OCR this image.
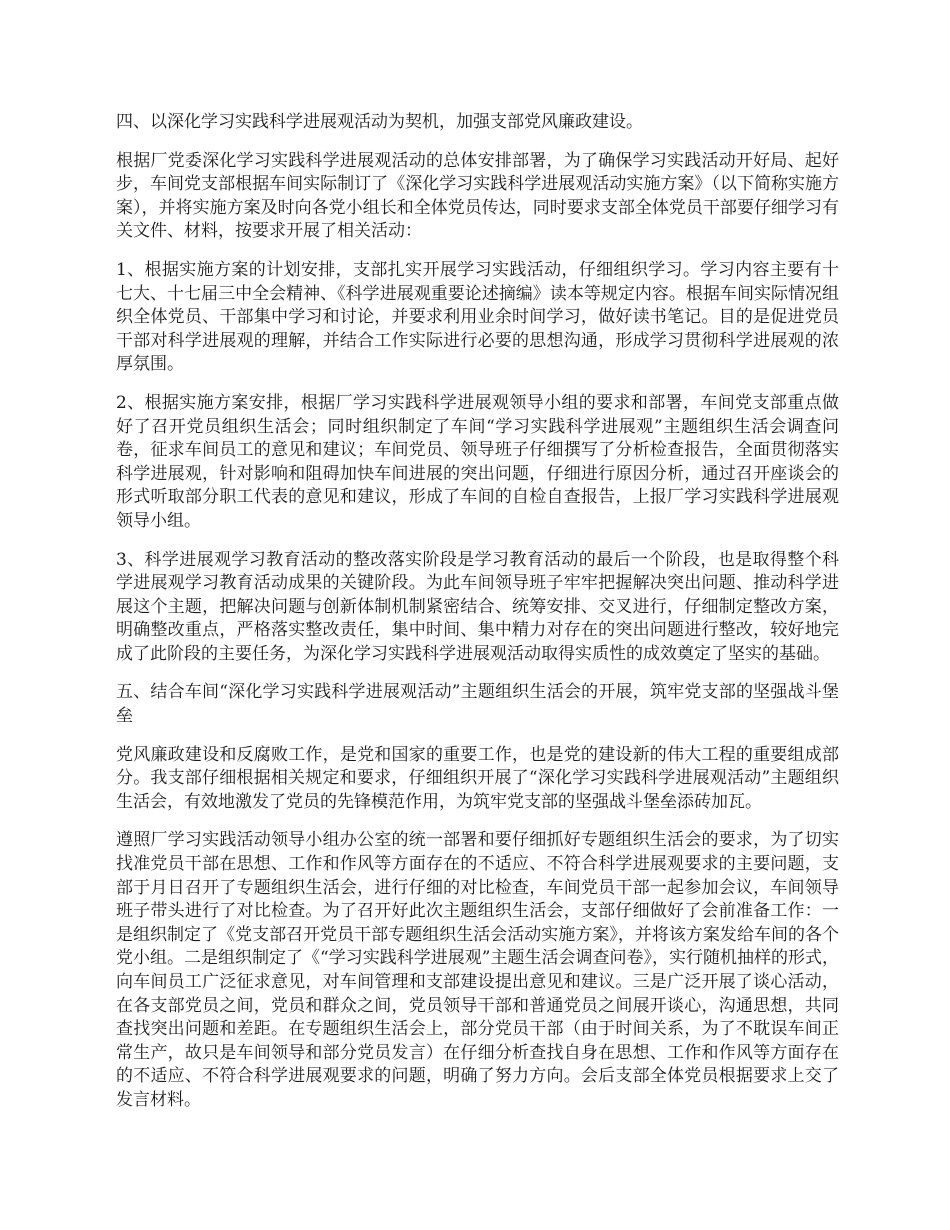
四、以深化学习实践科学进展观活动为契机，加强支部党风廉政建设。

根据厂党委深化学习实践科学进展观活动的总体安排部署，为了确保学习实践活动开好局、起好步，车间党支部根据车间实际制订了《深化学习实践科学进展观活动实施方案》（以下简称实施方案），并将实施方案及时向各党小组长和全体党员传达，同时要求支部全体党员干部要仔细学习有关文件、材料，按要求开展了相关活动：

1、根据实施方案的计划安排，支部扎实开展学习实践活动，仔细组织学习。学习内容主要有十七大、十七届三中全会精神、《科学进展观重要论述摘编》读本等规定内容。根据车间实际情况组织全体党员、干部集中学习和讨论，并要求利用业余时间学习，做好读书笔记。目的是促进党员干部对科学进展观的理解，并结合工作实际进行必要的思想沟通，形成学习贯彻科学进展观的浓厚氛围。

2、根据实施方案安排，根据厂学习实践科学进展观领导小组的要求和部署，车间党支部重点做好了召开党员组织生活会；同时组织制定了车间“学习实践科学进展观”主题组织生活会调查问卷，征求车间员工的意见和建议；车间党员、领导班子仔细撰写了分析检查报告，全面贯彻落实科学进展观，针对影响和阻碍加快车间进展的突出问题，仔细进行原因分析，通过召开座谈会的形式听取部分职工代表的意见和建议，形成了车间的自检自查报告，上报厂学习实践科学进展观领导小组。

3、科学进展观学习教育活动的整改落实阶段是学习教育活动的最后一个阶段，也是取得整个科学进展观学习教育活动成果的关键阶段。为此车间领导班子牢牢把握解决突出问题、推动科学进展这个主题，把解决问题与创新体制机制紧密结合、统筹安排、交叉进行，仔细制定整改方案，明确整改重点，严格落实整改责任，集中时间、集中精力对存在的突出问题进行整改，较好地完成了此阶段的主要任务，为深化学习实践科学进展观活动取得实质性的成效奠定了坚实的基础。

五、结合车间“深化学习实践科学进展观活动”主题组织生活会的开展，筑牢党支部的坚强战斗堡垒

党风廉政建设和反腐败工作，是党和国家的重要工作，也是党的建设新的伟大工程的重要组成部分。我支部仔细根据相关规定和要求，仔细组织开展了“深化学习实践科学进展观活动”主题组织生活会，有效地激发了党员的先锋模范作用，为筑牢党支部的坚强战斗堡垒添砖加瓦。

遵照厂学习实践活动领导小组办公室的统一部署和要仔细抓好专题组织生活会的要求，为了切实找准党员干部在思想、工作和作风等方面存在的不适应、不符合科学进展观要求的主要问题，支部于月日召开了专题组织生活会，进行仔细的对比检查，车间党员干部一起参加会议，车间领导班子带头进行了对比检查。为了召开好此次主题组织生活会，支部仔细做好了会前准备工作：一是组织制定了《党支部召开党员干部专题组织生活会活动实施方案》，并将该方案发给车间的各个党小组。二是组织制定了《“学习实践科学进展观”主题生活会调查问卷》，实行随机抽样的形式，向车间员工广泛征求意见，对车间管理和支部建设提出意见和建议。三是广泛开展了谈心活动，在各支部党员之间，党员和群众之间，党员领导干部和普通党员之间展开谈心，沟通思想，共同查找突出问题和差距。在专题组织生活会上，部分党员干部（由于时间关系，为了不耽误车间正常生产，故只是车间领导和部分党员发言）在仔细分析查找自身在思想、工作和作风等方面存在的不适应、不符合科学进展观要求的问题，明确了努力方向。会后支部全体党员根据要求上交了发言材料。
